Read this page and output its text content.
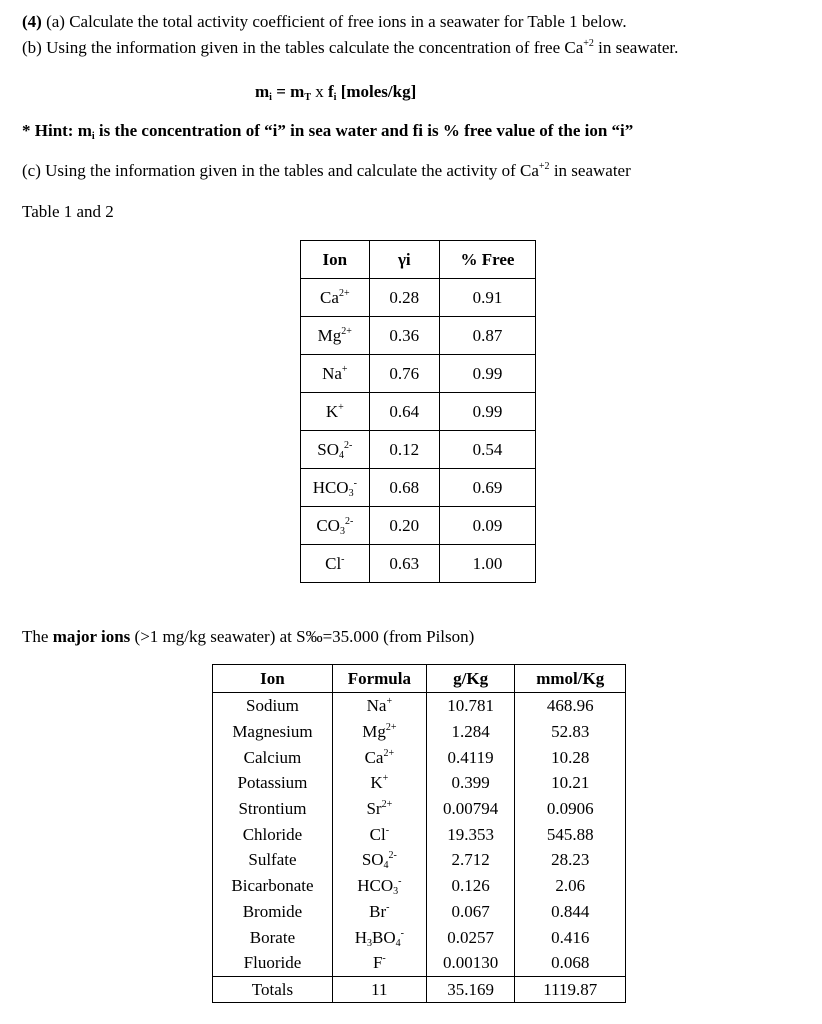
(4) (a) Calculate the total activity coefficient of free ions in a seawater for Table 1 below.
(b) Using the information given in the tables calculate the concentration of free $Ca^{+2}$ in seawater.
$m_i = m_T$ x $f_i$ [moles/kg]
* Hint: $m_i$ is the concentration of “i” in sea water and fi is % free value of the ion “i”
(c) Using the information given in the tables and calculate the activity of $Ca^{+2}$ in seawater
Table 1 and 2
Ion	γi	% Free
$Ca^{2+}$	0.28	0.91
$Mg^{2+}$	0.36	0.87
Na+	0.76	0.99
K+	0.64	0.99
$SO_4^{2-}$	0.12	0.54
$HCO_3^-$	0.68	0.69
$CO_3^{2-}$	0.20	0.09
Cl-	0.63	1.00
The major ions (>1 mg/kg seawater) at S‰=35.000 (from Pilson)
Ion	Formula	g/Kg	mmol/Kg
Sodium	Na+	10.781	468.96
Magnesium	$Mg^{2+}$	1.284	52.83
Calcium	$Ca^{2+}$	0.4119	10.28
Potassium	K+	0.399	10.21
Strontium	$Sr^{2+}$	0.00794	0.0906
Chloride	Cl-	19.353	545.88
Sulfate	$SO_4^{2-}$	2.712	28.23
Bicarbonate	$HCO_3^-$	0.126	2.06
Bromide	Br-	0.067	0.844
Borate	$H_3BO_4^-$	0.0257	0.416
Fluoride	F-	0.00130	0.068
Totals	11	35.169	1119.87
